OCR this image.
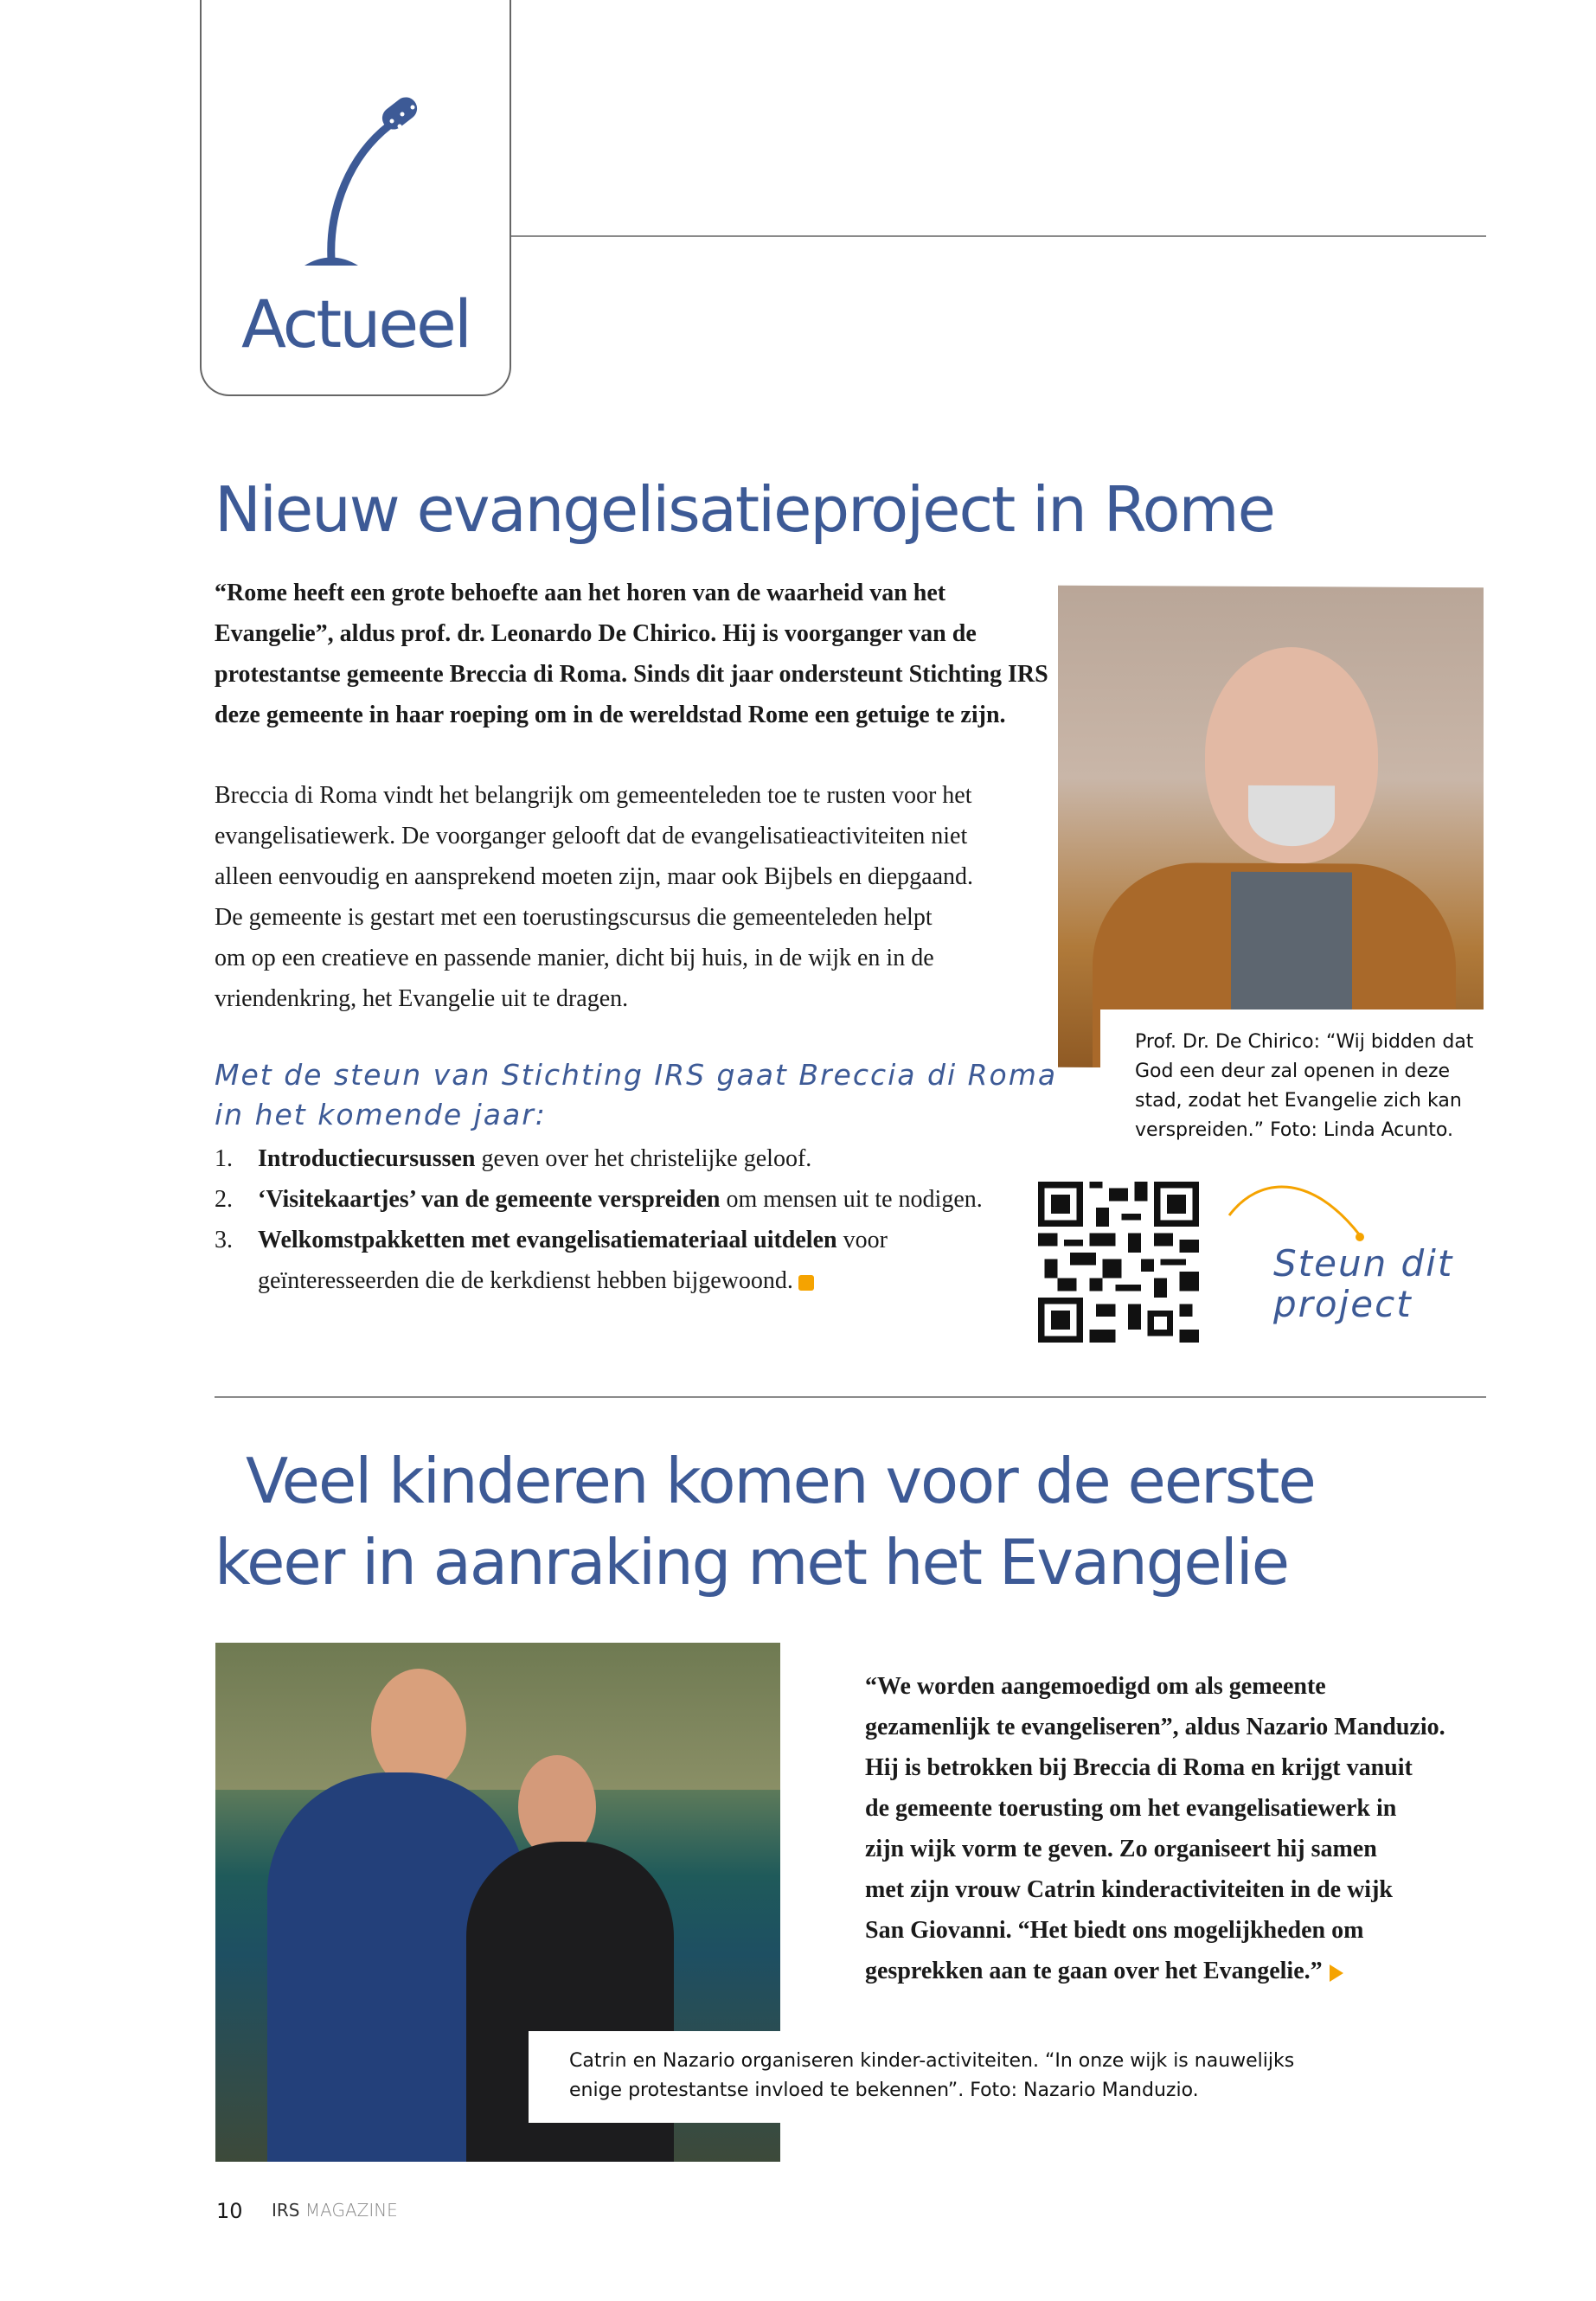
Actueel
Nieuw evangelisatieproject in Rome
“Rome heeft een grote behoefte aan het horen van de waarheid van het
Evangelie”, aldus prof. dr. Leonardo De Chirico. Hij is voorganger van de
protestantse gemeente Breccia di Roma. Sinds dit jaar ondersteunt Stichting IRS
deze gemeente in haar roeping om in de wereldstad Rome een getuige te zijn.
Breccia di Roma vindt het belangrijk om gemeenteleden toe te rusten voor het
evangelisatiewerk. De voorganger gelooft dat de evangelisatieactiviteiten niet
alleen eenvoudig en aansprekend moeten zijn, maar ook Bijbels en diepgaand.
De gemeente is gestart met een toerustingscursus die gemeenteleden helpt
om op een creatieve en passende manier, dicht bij huis, in de wijk en in de
vriendenkring, het Evangelie uit te dragen.
Met de steun van Stichting IRS gaat Breccia di Roma
in het komende jaar:
1.	Introductiecursussen geven over het christelijke geloof.
2.	‘Visitekaartjes’ van de gemeente verspreiden om mensen uit te nodigen.
3.	Welkomstpakketten met evangelisatiemateriaal uitdelen voor
geïnteresseerden die de kerkdienst hebben bijgewoond.
Prof. Dr. De Chirico: “Wij bidden dat
God een deur zal openen in deze
stad, zodat het Evangelie zich kan
verspreiden.” Foto: Linda Acunto.
Steun dit
project
Veel kinderen komen voor de eerste
keer in aanraking met het Evangelie
Catrin en Nazario organiseren kinder-activiteiten. “In onze wijk is nauwelijks
enige protestantse invloed te bekennen”. Foto: Nazario Manduzio.
“We worden aangemoedigd om als gemeente
gezamenlijk te evangeliseren”, aldus Nazario Manduzio.
Hij is betrokken bij Breccia di Roma en krijgt vanuit
de gemeente toerusting om het evangelisatiewerk in
zijn wijk vorm te geven. Zo organiseert hij samen
met zijn vrouw Catrin kinderactiviteiten in de wijk
San Giovanni. “Het biedt ons mogelijkheden om
gesprekken aan te gaan over het Evangelie.”
10 IRS MAGAZINE
